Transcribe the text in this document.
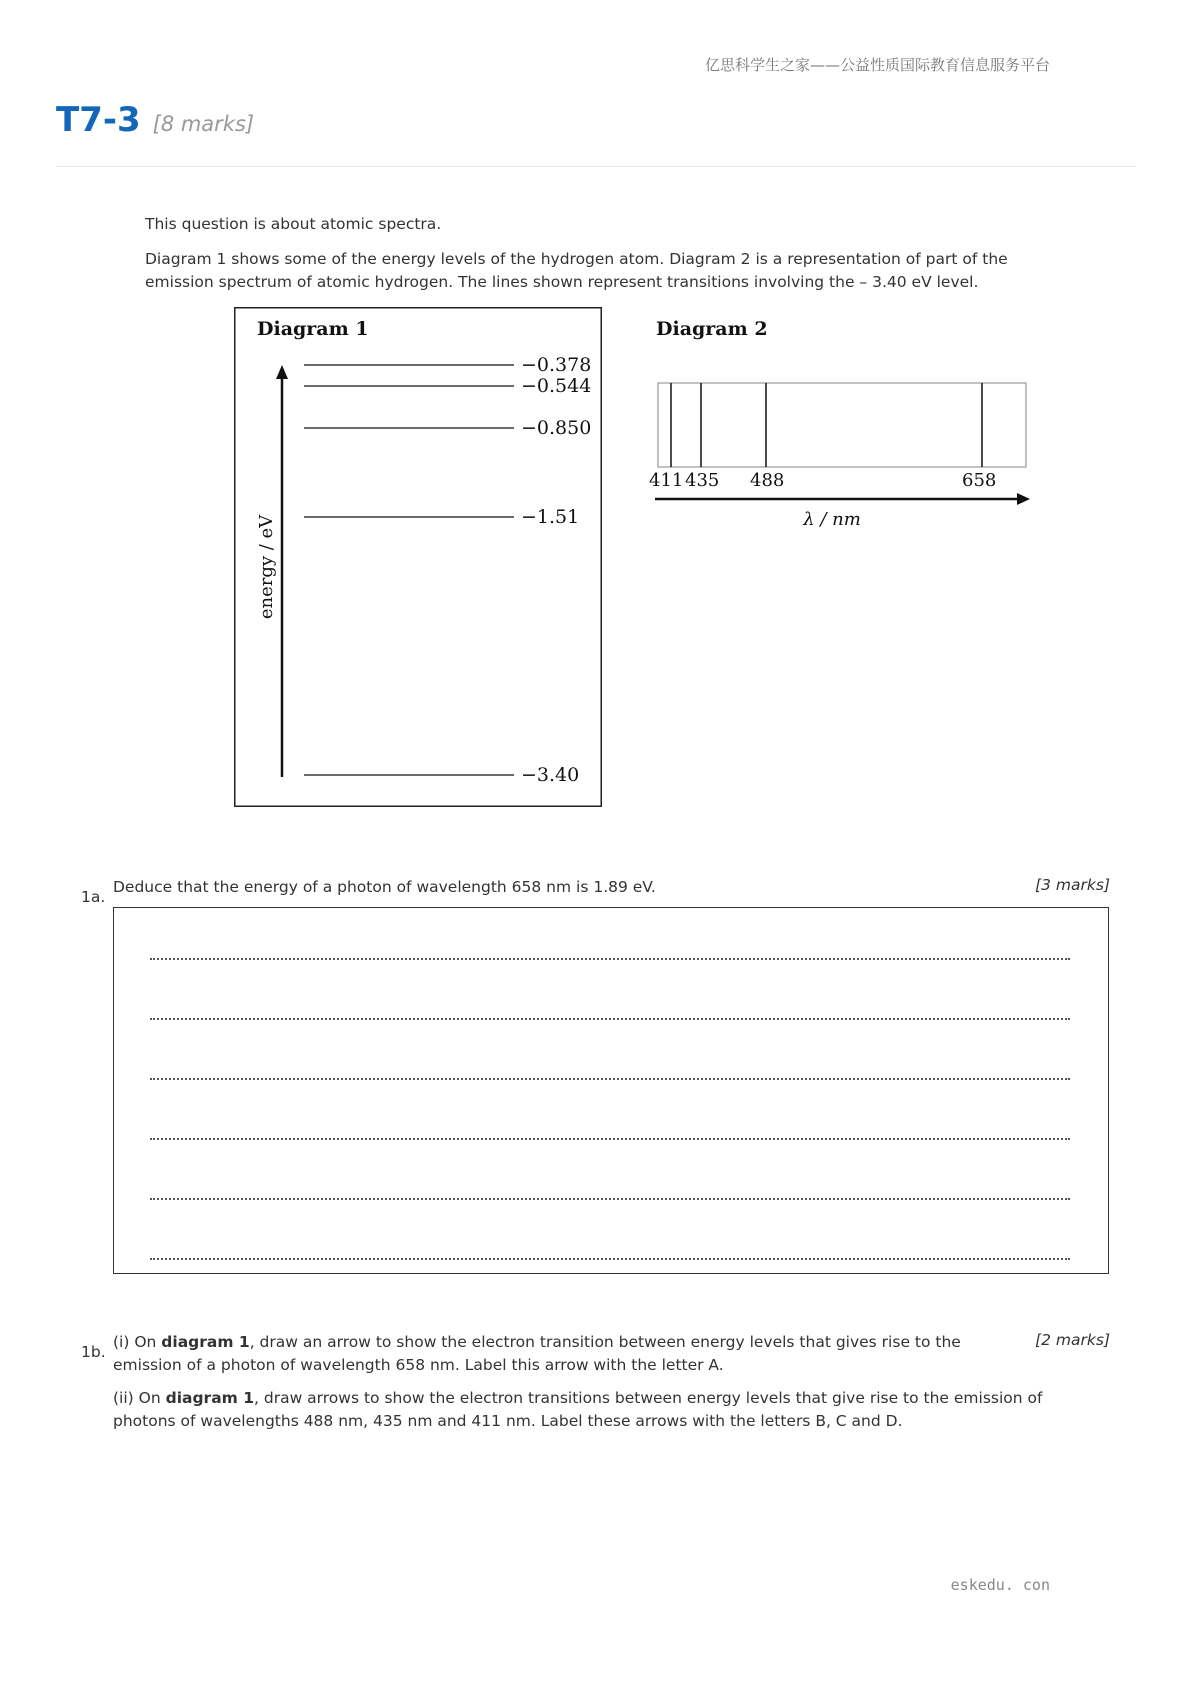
亿思科学生之家——公益性质国际教育信息服务平台
T7-3 [8 marks]

This question is about atomic spectra.

Diagram 1 shows some of the energy levels of the hydrogen atom. Diagram 2 is a representation of part of the emission spectrum of atomic hydrogen. The lines shown represent transitions involving the – 3.40 eV level.

Diagram 1
energy / eV
−0.378
−0.544
−0.850
−1.51
−3.40
Diagram 2
411 435 488	658
λ / nm
1a.

Deduce that the energy of a photon of wavelength 658 nm is 1.89 eV.	[3 marks]
1b.

(i) On diagram 1, draw an arrow to show the electron transition between energy levels that gives rise to the emission of a photon of wavelength 658 nm. Label this arrow with the letter A.

(ii) On diagram 1, draw arrows to show the electron transitions between energy levels that give rise to the emission of photons of wavelengths 488 nm, 435 nm and 411 nm. Label these arrows with the letters B, C and D.

[2 marks]
eskedu. con
